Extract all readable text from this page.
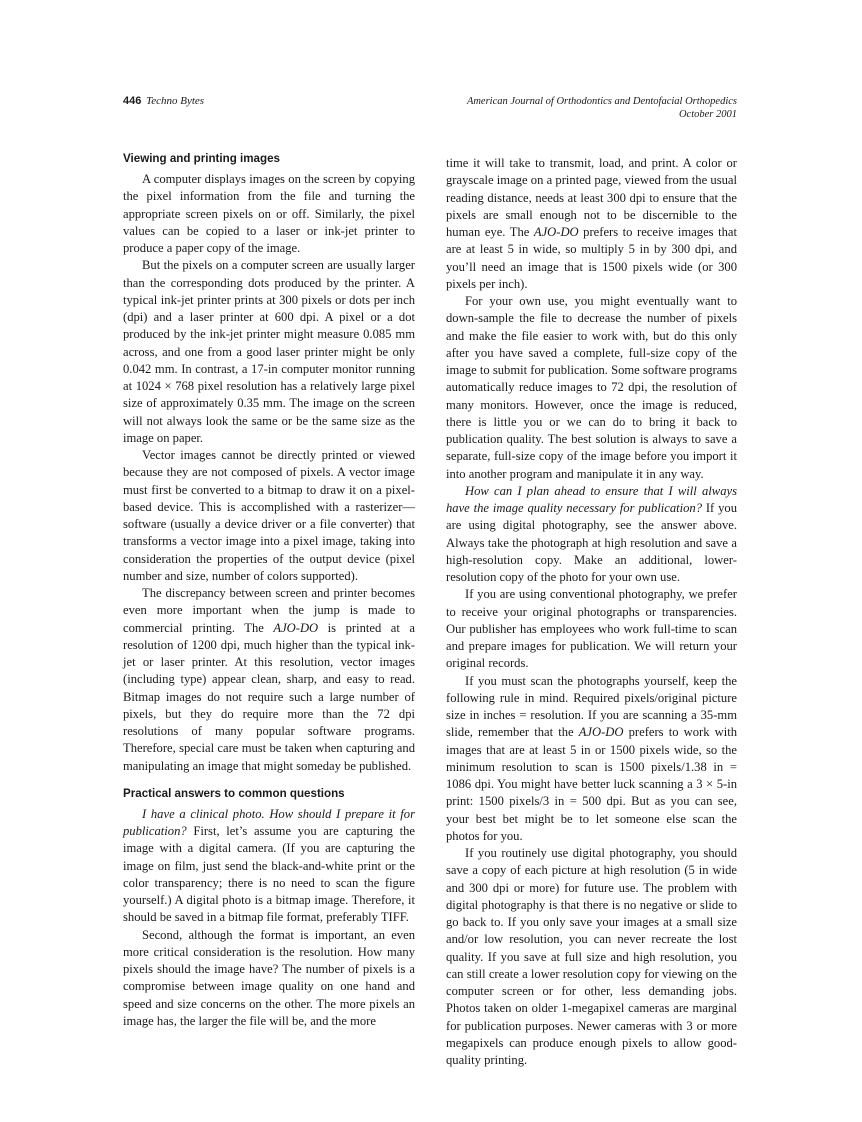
446 Techno Bytes	American Journal of Orthodontics and Dentofacial Orthopedics
October 2001
Viewing and printing images

A computer displays images on the screen by copying the pixel information from the file and turning the appropriate screen pixels on or off. Similarly, the pixel values can be copied to a laser or ink-jet printer to produce a paper copy of the image.

But the pixels on a computer screen are usually larger than the corresponding dots produced by the printer. A typical ink-jet printer prints at 300 pixels or dots per inch (dpi) and a laser printer at 600 dpi. A pixel or a dot produced by the ink-jet printer might measure 0.085 mm across, and one from a good laser printer might be only 0.042 mm. In contrast, a 17-in computer monitor running at 1024 × 768 pixel resolution has a relatively large pixel size of approximately 0.35 mm. The image on the screen will not always look the same or be the same size as the image on paper.

Vector images cannot be directly printed or viewed because they are not composed of pixels. A vector image must first be converted to a bitmap to draw it on a pixel-based device. This is accomplished with a rasterizer—software (usually a device driver or a file converter) that transforms a vector image into a pixel image, taking into consideration the properties of the output device (pixel number and size, number of colors supported).

The discrepancy between screen and printer becomes even more important when the jump is made to commercial printing. The AJO-DO is printed at a resolution of 1200 dpi, much higher than the typical ink-jet or laser printer. At this resolution, vector images (including type) appear clean, sharp, and easy to read. Bitmap images do not require such a large number of pixels, but they do require more than the 72 dpi resolutions of many popular software programs. Therefore, special care must be taken when capturing and manipulating an image that might someday be published.

Practical answers to common questions

I have a clinical photo. How should I prepare it for publication? First, let’s assume you are capturing the image with a digital camera. (If you are capturing the image on film, just send the black-and-white print or the color transparency; there is no need to scan the figure yourself.) A digital photo is a bitmap image. Therefore, it should be saved in a bitmap file format, preferably TIFF.

Second, although the format is important, an even more critical consideration is the resolution. How many pixels should the image have? The number of pixels is a compromise between image quality on one hand and speed and size concerns on the other. The more pixels an image has, the larger the file will be, and the more

time it will take to transmit, load, and print. A color or grayscale image on a printed page, viewed from the usual reading distance, needs at least 300 dpi to ensure that the pixels are small enough not to be discernible to the human eye. The AJO-DO prefers to receive images that are at least 5 in wide, so multiply 5 in by 300 dpi, and you’ll need an image that is 1500 pixels wide (or 300 pixels per inch).

For your own use, you might eventually want to down-sample the file to decrease the number of pixels and make the file easier to work with, but do this only after you have saved a complete, full-size copy of the image to submit for publication. Some software programs automatically reduce images to 72 dpi, the resolution of many monitors. However, once the image is reduced, there is little you or we can do to bring it back to publication quality. The best solution is always to save a separate, full-size copy of the image before you import it into another program and manipulate it in any way.

How can I plan ahead to ensure that I will always have the image quality necessary for publication? If you are using digital photography, see the answer above. Always take the photograph at high resolution and save a high-resolution copy. Make an additional, lower-resolution copy of the photo for your own use.

If you are using conventional photography, we prefer to receive your original photographs or transparencies. Our publisher has employees who work full-time to scan and prepare images for publication. We will return your original records.

If you must scan the photographs yourself, keep the following rule in mind. Required pixels/original picture size in inches = resolution. If you are scanning a 35-mm slide, remember that the AJO-DO prefers to work with images that are at least 5 in or 1500 pixels wide, so the minimum resolution to scan is 1500 pixels/1.38 in = 1086 dpi. You might have better luck scanning a 3 × 5-in print: 1500 pixels/3 in = 500 dpi. But as you can see, your best bet might be to let someone else scan the photos for you.

If you routinely use digital photography, you should save a copy of each picture at high resolution (5 in wide and 300 dpi or more) for future use. The problem with digital photography is that there is no negative or slide to go back to. If you only save your images at a small size and/or low resolution, you can never recreate the lost quality. If you save at full size and high resolution, you can still create a lower resolution copy for viewing on the computer screen or for other, less demanding jobs. Photos taken on older 1-megapixel cameras are marginal for publication purposes. Newer cameras with 3 or more megapixels can produce enough pixels to allow good-quality printing.
